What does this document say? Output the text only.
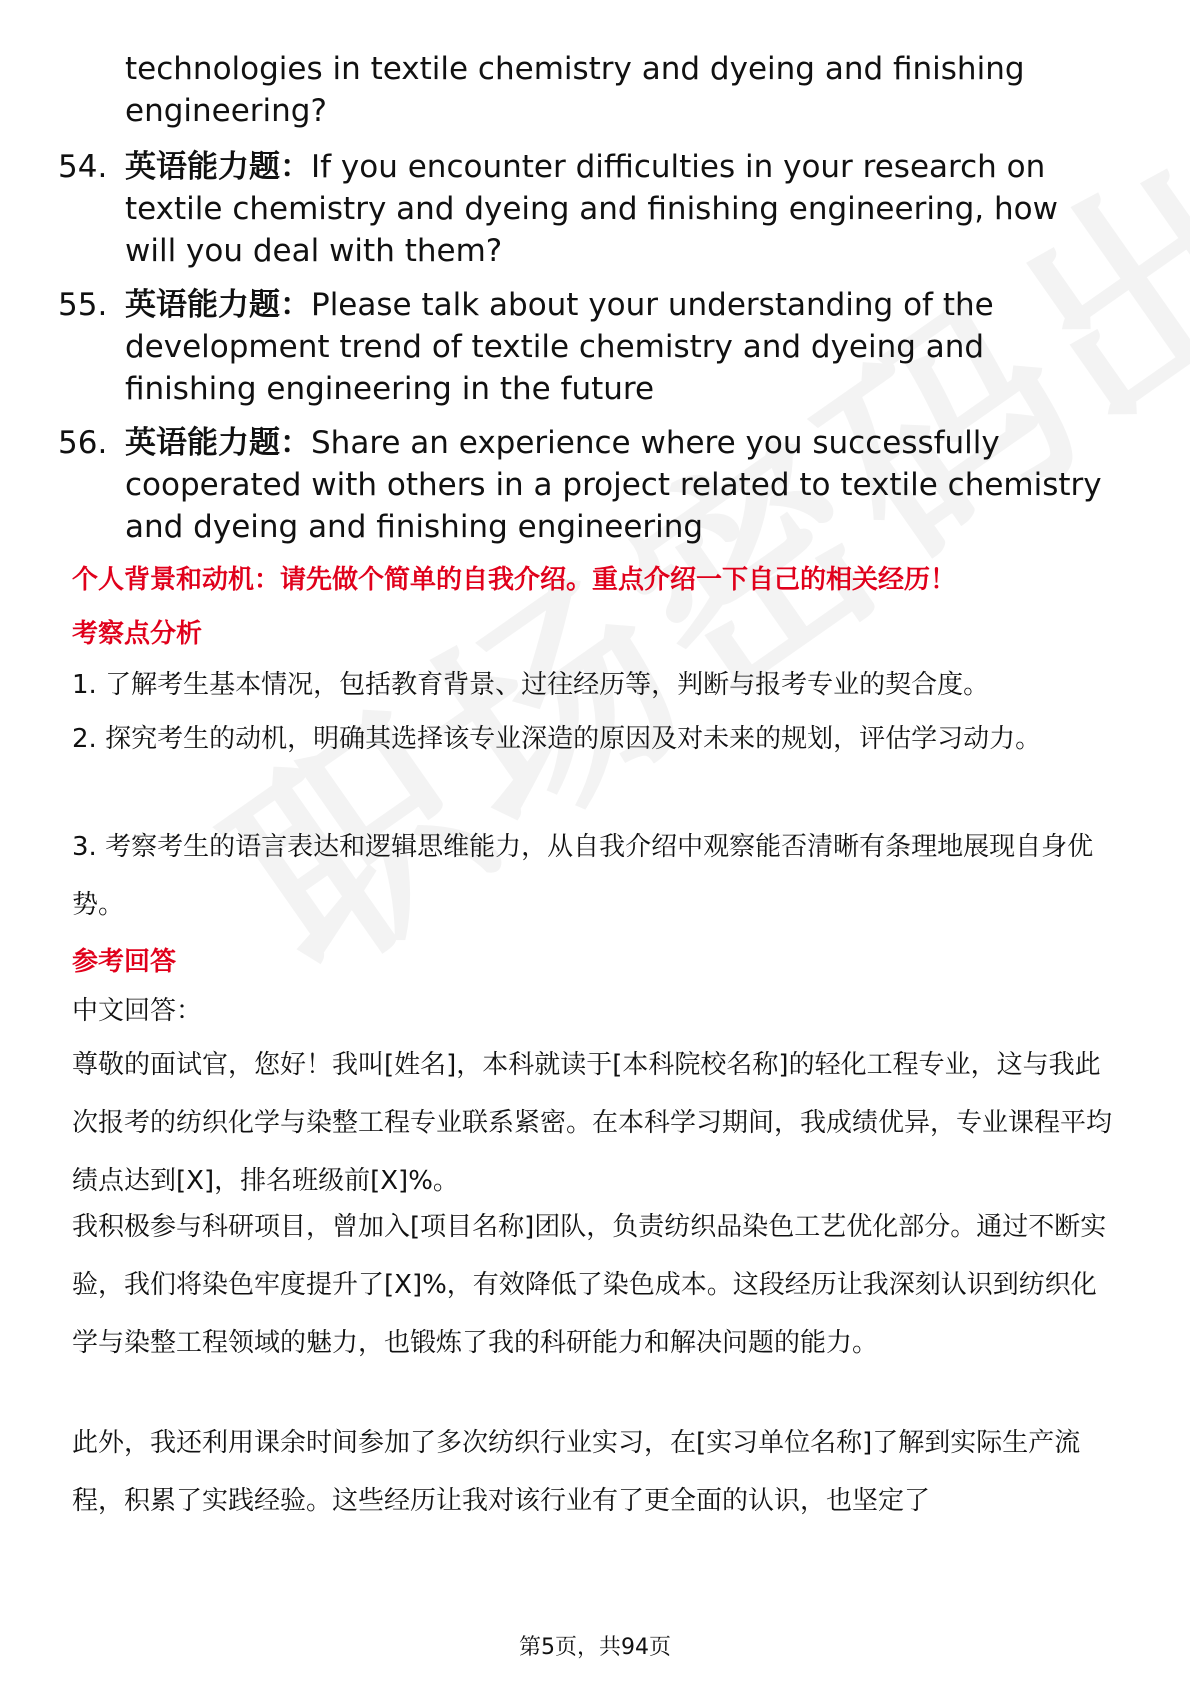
technologies in textile chemistry and dyeing and finishing engineering?
54. 英语能力题：If you encounter difficulties in your research on textile chemistry and dyeing and finishing engineering, how will you deal with them?
55. 英语能力题：Please talk about your understanding of the development trend of textile chemistry and dyeing and finishing engineering in the future
56. 英语能力题：Share an experience where you successfully cooperated with others in a project related to textile chemistry and dyeing and finishing engineering
个人背景和动机：请先做个简单的自我介绍。重点介绍一下自己的相关经历！
考察点分析
1. 了解考生基本情况，包括教育背景、过往经历等，判断与报考专业的契合度。
2. 探究考生的动机，明确其选择该专业深造的原因及对未来的规划，评估学习动力。
3. 考察考生的语言表达和逻辑思维能力，从自我介绍中观察能否清晰有条理地展现自身优势。
参考回答
中文回答：
尊敬的面试官，您好！我叫[姓名]，本科就读于[本科院校名称]的轻化工程专业，这与我此次报考的纺织化学与染整工程专业联系紧密。在本科学习期间，我成绩优异，专业课程平均绩点达到[X]，排名班级前[X]%。
我积极参与科研项目，曾加入[项目名称]团队，负责纺织品染色工艺优化部分。通过不断实验，我们将染色牢度提升了[X]%，有效降低了染色成本。这段经历让我深刻认识到纺织化学与染整工程领域的魅力，也锻炼了我的科研能力和解决问题的能力。
此外，我还利用课余时间参加了多次纺织行业实习，在[实习单位名称]了解到实际生产流程，积累了实践经验。这些经历让我对该行业有了更全面的认识，也坚定了
第5页，共94页
